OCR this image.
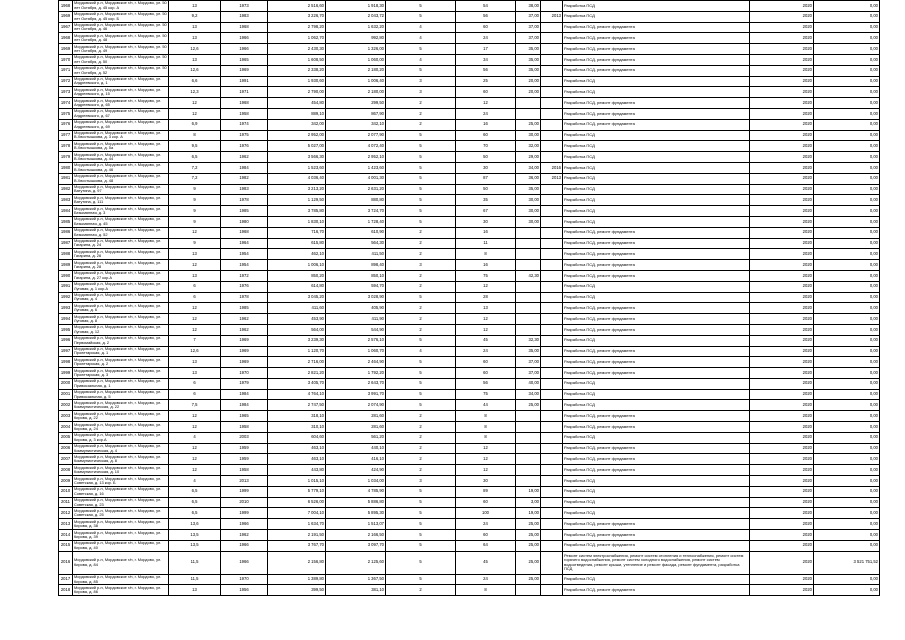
1968	Мордовский р-н, Мордовское г/п, г. Мордово, ул. 50 лет Октября, д. 45 кор. А	13	1973	2 516,60	1 918,30	5	54	38,00		Разработка ПСД	2020	0,00
1969	Мордовский р-н, Мордовское г/п, г. Мордово, ул. 50 лет Октября, д. 45 кор. Б	9,2	1983	3 226,70	2 043,72	5	56	37,00	2013	Разработка ПСД	2020	0,00
1967	Мордовский р-н, Мордовское г/п, г. Мордово, ул. 50 лет Октября, д. 46	13	1968	2 798,20	1 632,20	4	60	37,00		Разработка ПСД, ремонт фундамента	2020	0,00
1968	Мордовский р-н, Мордовское г/п, г. Мордово, ул. 50 лет Октября, д. 48	13	1966	1 062,70	992,80	4	24	37,00		Разработка ПСД, ремонт фундамента	2020	0,00
1969	Мордовский р-н, Мордовское г/п, г. Мордово, ул. 50 лет Октября, д. 49	12,6	1966	2 430,30	1 326,00	5	17	35,00		Разработка ПСД, ремонт фундамента	2020	0,00
1970	Мордовский р-н, Мордовское г/п, г. Мордово, ул. 50 лет Октября, д. 50	13	1965	1 608,50	1 060,00	4	34	35,00		Разработка ПСД, ремонт фундамента	2020	0,00
1971	Мордовский р-н, Мордовское г/п, г. Мордово, ул. 50 лет Октября, д. 52	12,6	1969	2 338,20	2 180,20	5	56	35,00		Разработка ПСД, ремонт фундамента	2020	0,00
1972	Мордовский р-н, Мордовское г/п, г. Мордово, ул. Андреевского, д. 1	6,6	1991	1 930,60	1 006,40	3	25	20,00		Разработка ПСД	2020	0,00
1973	Мордовский р-н, Мордовское г/п, г. Мордово, ул. Андреевского, д. 15	12,3	1971	2 790,00	2 180,00	3	60	20,00		Разработка ПСД	2020	0,00
1974	Мордовский р-н, Мордовское г/п, г. Мордово, ул. Андреевского, д. 65	12	1968	454,80	299,50	2	12			Разработка ПСД, ремонт фундамента	2020	0,00
1975	Мордовский р-н, Мордовское г/п, г. Мордово, ул. Андреевского, д. 67	12	1958	889,10	867,90	2	24			Разработка ПСД, ремонт фундамента	2020	0,00
1976	Мордовский р-н, Мордовское г/п, г. Мордово, ул. Андреевского, д. 69	6,9	1974	342,00	342,10	2	16	25,00		Разработка ПСД, ремонт фундамента	2020	0,00
1977	Мордовский р-н, Мордовское г/п, г. Мордово, ул. В.Хвостышкова, д. 3 кор. А	8	1975	2 952,00	2 077,90	5	60	30,00		Разработка ПСД	2020	0,00
1978	Мордовский р-н, Мордовское г/п, г. Мордово, ул. В.Хвостышкова, д. 5а	9,5	1976	5 027,00	4 072,40	5	70	32,00		Разработка ПСД	2020	0,00
1979	Мордовский р-н, Мордовское г/п, г. Мордово, ул. В.Хвостышкова, д. 44	6,5	1962	3 566,30	2 952,10	5	50	29,00		Разработка ПСД	2020	0,00
1980	Мордовский р-н, Мордовское г/п, г. Мордово, ул. В.Хвостышкова, д. 46	7,2	1984	1 523,60	1 423,60	5	30	34,00	2016	Разработка ПСД	2020	0,00
1981	Мордовский р-н, Мордовское г/п, г. Мордово, ул. В.Хвостышкова, д. 48	7,2	1982	4 036,40	4 001,30	5	87	36,00	2013	Разработка ПСД	2020	0,00
1982	Мордовский р-н, Мордовское г/п, г. Мордово, ул. Ватутина, д. 97	9	1983	3 213,20	2 631,20	5	50	35,00		Разработка ПСД	2020	0,00
1983	Мордовский р-н, Мордовское г/п, г. Мордово, ул. Ватутина, д. 111	9	1978	1 129,50	880,80	5	35	30,00		Разработка ПСД	2020	0,00
1984	Мордовский р-н, Мордовское г/п, г. Мордово, ул. Безымянная, д. 3	9	1985	3 785,80	3 724,70	5	67	30,00		Разработка ПСД	2020	0,00
1985	Мордовский р-н, Мордовское г/п, г. Мордово, ул. Безымянная, д. 45	9	1980	1 830,10	1 728,40	5	30	30,00		Разработка ПСД	2020	0,00
1986	Мордовский р-н, Мордовское г/п, г. Мордово, ул. Безымянная, д. 52	12	1968	716,70	610,90	2	16			Разработка ПСД, ремонт фундамента	2020	0,00
1987	Мордовский р-н, Мордовское г/п, г. Мордово, ул. Гагарина, д. 24	9	1964	615,80	564,30	2	11			Разработка ПСД, ремонт фундамента	2020	0,00
1988	Мордовский р-н, Мордовское г/п, г. Мордово, ул. Гагарина, д. 26	13	1954	462,10	411,50	2	8			Разработка ПСД, ремонт фундамента	2020	0,00
1989	Мордовский р-н, Мордовское г/п, г. Мордово, ул. Гагарина, д. 28	12	1954	1 006,10	898,40	3	16			Разработка ПСД, ремонт фундамента	2020	0,00
1990	Мордовский р-н, Мордовское г/п, г. Мордово, ул. Гагарина, д. 27 кор.А	13	1972	850,20	850,10	2	75	42,30		Разработка ПСД, ремонт фундамента	2020	0,00
1991	Мордовский р-н, Мордовское г/п, г. Мордово, ул. Луговая, д. 1 кор.А	6	1976	614,80	594,70	2	12			Разработка ПСД	2020	0,00
1992	Мордовский р-н, Мордовское г/п, г. Мордово, ул. Луговая, д. 4	6	1978	3 045,20	3 028,90	5	28			Разработка ПСД	2020	0,00
1993	Мордовский р-н, Мордовское г/п, г. Мордово, ул. Луговая, д. 6	12	1985	411,60	405,90	2	13			Разработка ПСД, ремонт фундамента	2020	0,00
1994	Мордовский р-н, Мордовское г/п, г. Мордово, ул. Луговая, д. 8	12	1962	453,90	411,90	2	12			Разработка ПСД, ремонт фундамента	2020	0,00
1995	Мордовский р-н, Мордовское г/п, г. Мордово, ул. Луговая, д. 12	12	1962	564,00	544,90	2	12			Разработка ПСД, ремонт фундамента	2020	0,00
1996	Мордовский р-н, Мордовское г/п, г. Мордово, ул. Первомайская, д. 2	7	1969	3 239,30	2 576,10	5	45	32,30		Разработка ПСД	2020	0,00
1997	Мордовский р-н, Мордовское г/п, г. Мордово, ул. Пролетарская, д. 1	12,6	1969	1 120,70	1 060,70	4	24	35,00		Разработка ПСД, ремонт фундамента	2020	0,00
1998	Мордовский р-н, Мордовское г/п, г. Мордово, ул. Пролетарская, д. 2	13	1969	2 716,00	2 464,90	5	60	37,00		Разработка ПСД, ремонт фундамента	2020	0,00
1999	Мордовский р-н, Мордовское г/п, г. Мордово, ул. Пролетарская, д. 3	13	1970	2 821,20	1 792,20	5	60	37,00		Разработка ПСД, ремонт фундамента	2020	0,00
2000	Мордовский р-н, Мордовское г/п, г. Мордово, ул. Привокзальная, д. 1	6	1979	3 405,70	2 643,70	5	56	40,00		Разработка ПСД	2020	0,00
2001	Мордовский р-н, Мордовское г/п, г. Мордово, ул. Привокзальная, д. 5	6	1984	4 764,10	3 991,70	5	75	34,00		Разработка ПСД	2020	0,00
2002	Мордовский р-н, Мордовское г/п, г. Мордово, ул. Коммунистическая, д. 22	7,5	1984	2 747,50	2 074,90	5	44	25,00		Разработка ПСД	2020	0,00
2003	Мордовский р-н, Мордовское г/п, г. Мордово, ул. Кирова, д. 22	12	1965	318,10	281,60	2	8			Разработка ПСД, ремонт фундамента	2020	0,00
2004	Мордовский р-н, Мордовское г/п, г. Мордово, ул. Кирова, д. 24	12	1958	310,10	281,60	2	8			Разработка ПСД, ремонт фундамента	2020	0,00
2005	Мордовский р-н, Мордовское г/п, г. Мордово, ул. Кирова, д. 3 кор.А	4	2003	604,60	561,20	2	8			Разработка ПСД	2020	0,00
2006	Мордовский р-н, Мордовское г/п, г. Мордово, ул. Коммунистическая, д. 4	12	1959	463,10	440,10	2	12			Разработка ПСД, ремонт фундамента	2020	0,00
2007	Мордовский р-н, Мордовское г/п, г. Мордово, ул. Коммунистическая, д. 8	12	1959	463,10	416,10	2	12			Разработка ПСД, ремонт фундамента	2020	0,00
2008	Мордовский р-н, Мордовское г/п, г. Мордово, ул. Коммунистическая, д. 10	12	1958	443,80	424,90	2	12			Разработка ПСД, ремонт фундамента	2020	0,00
2009	Мордовский р-н, Мордовское г/п, г. Мордово, ул. Советская, д. 13 кор. Б	4	2013	1 015,10	1 034,00	3	30			Разработка ПСД	2020	0,00
2010	Мордовский р-н, Мордовское г/п, г. Мордово, ул. Советская, д. 16	6,5	1999	5 779,10	4 785,90	5	89	19,00		Разработка ПСД	2020	0,00
2011	Мордовский р-н, Мордовское г/п, г. Мордово, ул. Советская, д. 23	6,5	2010	6 526,00	5 886,80	5	60	3,00		Разработка ПСД	2020	0,00
2012	Мордовский р-н, Мордовское г/п, г. Мордово, ул. Советская, д. 25	6,5	1999	7 004,10	5 895,30	5	100	19,00		Разработка ПСД	2020	0,00
2013	Мордовский р-н, Мордовское г/п, г. Мордово, ул. Кирова, д. 38	13,6	1966	1 634,70	1 513,07	5	24	25,00		Разработка ПСД, ремонт фундамента	2020	0,00
2014	Мордовский р-н, Мордовское г/п, г. Мордово, ул. Кирова, д. 39	13,5	1962	2 191,50	2 166,50	5	60	25,00		Разработка ПСД, ремонт фундамента	2020	0,00
2015	Мордовский р-н, Мордовское г/п, г. Мордово, ул. Кирова, д. 40	13,5	1966	3 767,70	3 097,70	5	64	25,00		Разработка ПСД, ремонт фундамента	2020	0,00
2016	Мордовский р-н, Мордовское г/п, г. Мордово, ул. Кирова, д. 84	11,5	1966	2 156,80	2 125,60	5	45	25,00		Ремонт систем электроснабжения, ремонт систем отопления и теплоснабжения, ремонт систем горячего водоснабжения, ремонт систем холодного водоснабжения, ремонт систем водоотведения, ремонт крыши, утепление и ремонт фасада, ремонт фундамента, разработка ПСД	2020	3 521 751,52
2017	Мордовский р-н, Мордовское г/п, г. Мордово, ул. Кирова, д. 85	11,5	1970	1 389,80	1 367,50	5	24	25,00		Разработка ПСД	2020	0,00
2018	Мордовский р-н, Мордовское г/п, г. Мордово, ул. Кирова, д. 86	13	1956	399,50	381,10	2	8			Разработка ПСД, ремонт фундамента	2020	0,00
